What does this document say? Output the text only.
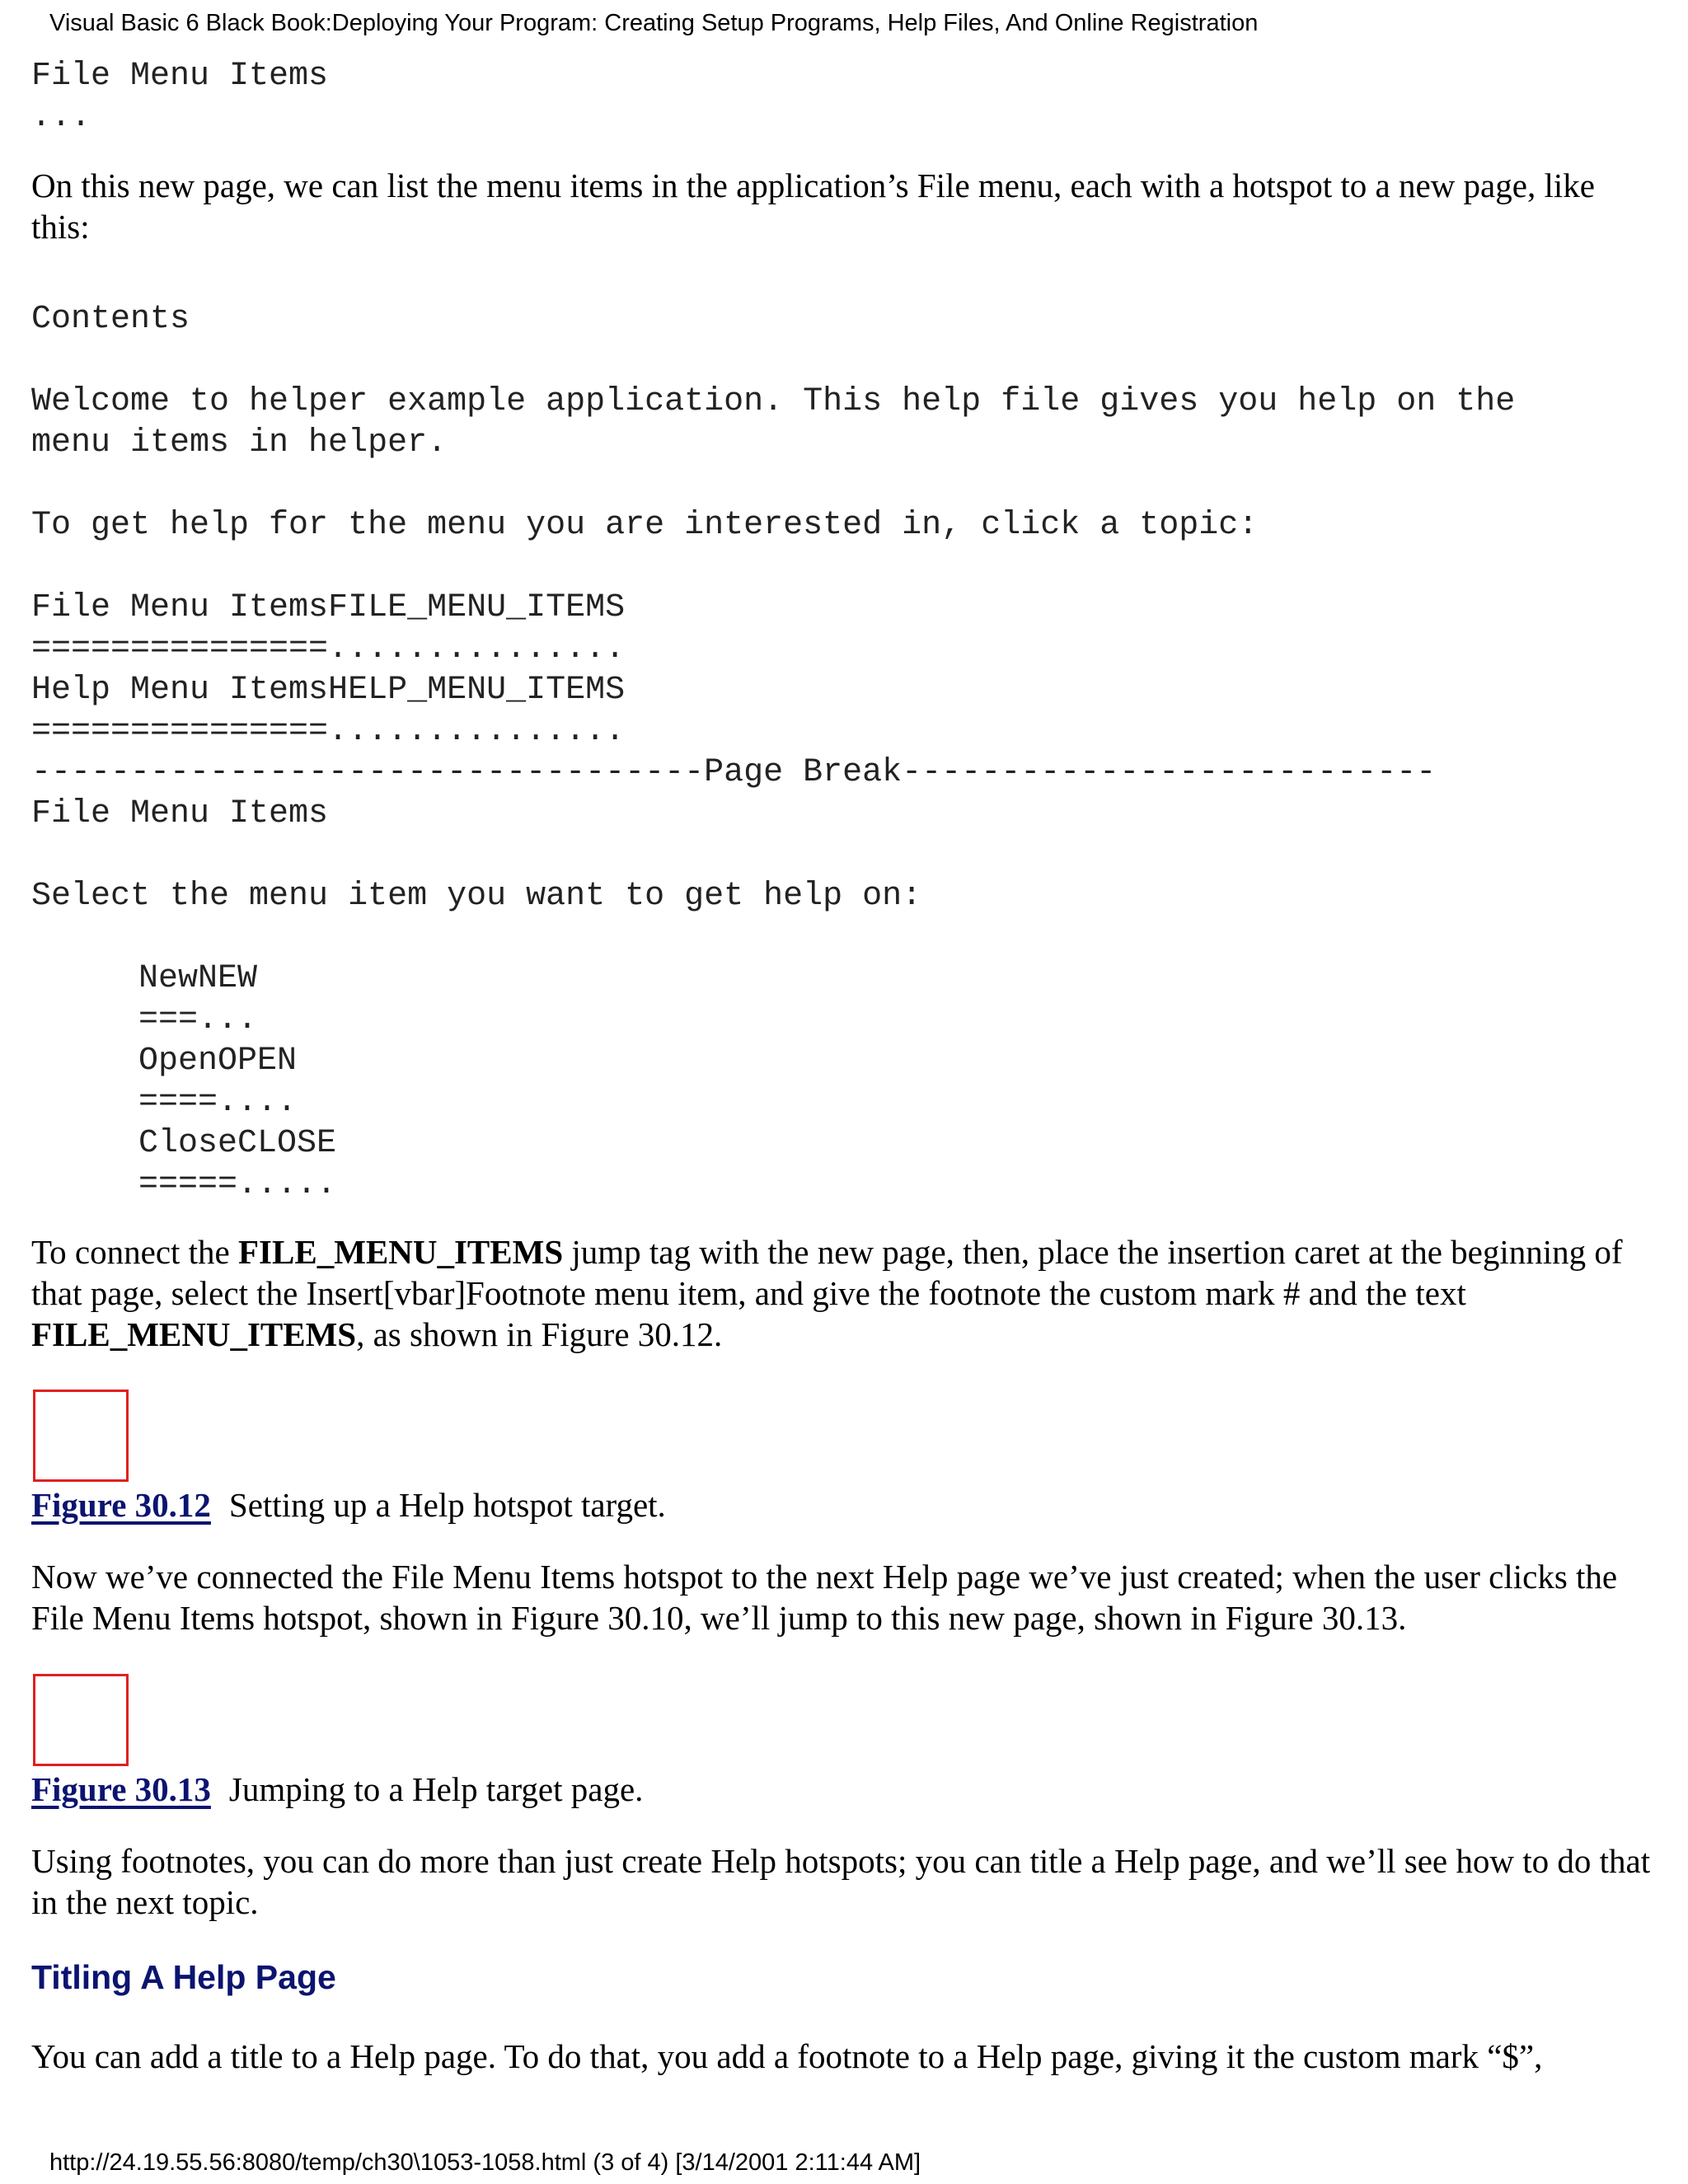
Visual Basic 6 Black Book:Deploying Your Program: Creating Setup Programs, Help Files, And Online Registration
File Menu Items
...
On this new page, we can list the menu items in the application’s File menu, each with a hotspot to a new page, like this:
Contents
Welcome to helper example application. This help file gives you help on the
menu items in helper.
To get help for the menu you are interested in, click a topic:
File Menu ItemsFILE_MENU_ITEMS
===============...............
Help Menu ItemsHELP_MENU_ITEMS
===============...............
----------------------------------Page Break---------------------------
File Menu Items
Select the menu item you want to get help on:
NewNEW
===...
OpenOPEN
====....
CloseCLOSE
=====.....
To connect the FILE_MENU_ITEMS jump tag with the new page, then, place the insertion caret at the beginning of that page, select the Insert[vbar]Footnote menu item, and give the footnote the custom mark # and the text FILE_MENU_ITEMS, as shown in Figure 30.12.
Figure 30.12 Setting up a Help hotspot target.
Now we’ve connected the File Menu Items hotspot to the next Help page we’ve just created; when the user clicks the File Menu Items hotspot, shown in Figure 30.10, we’ll jump to this new page, shown in Figure 30.13.
Figure 30.13 Jumping to a Help target page.
Using footnotes, you can do more than just create Help hotspots; you can title a Help page, and we’ll see how to do that in the next topic.
Titling A Help Page
You can add a title to a Help page. To do that, you add a footnote to a Help page, giving it the custom mark “$”,
http://24.19.55.56:8080/temp/ch30\1053-1058.html (3 of 4) [3/14/2001 2:11:44 AM]
